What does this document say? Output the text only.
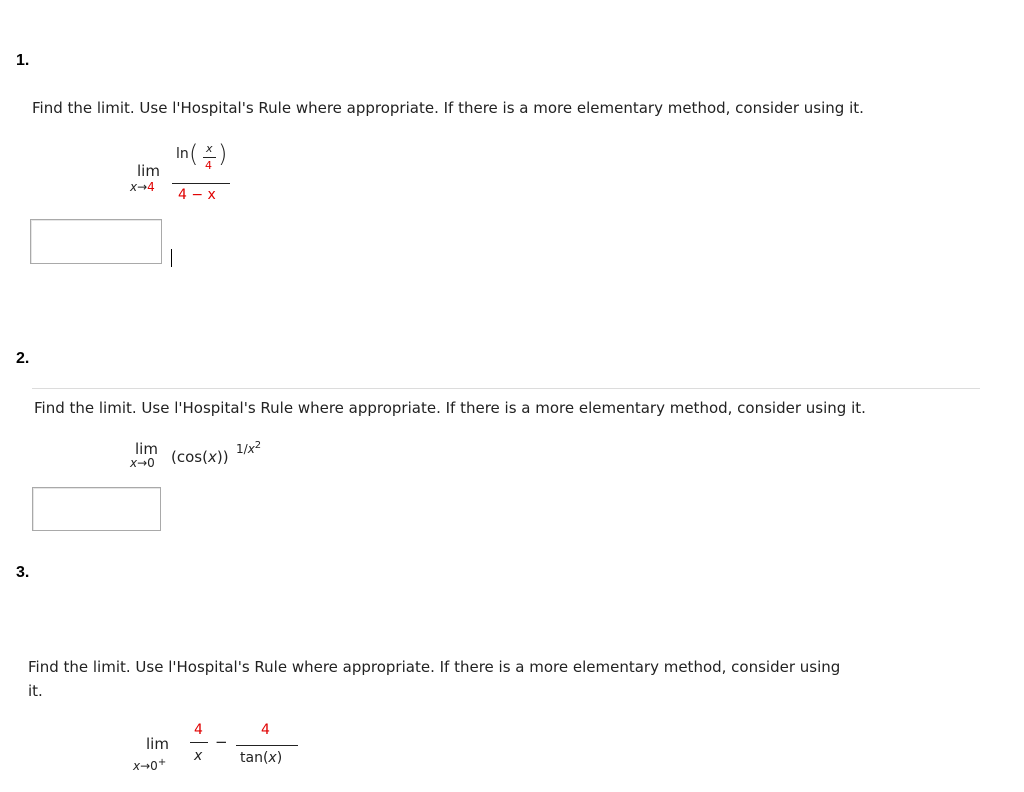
1.
Find the limit. Use l'Hospital's Rule where appropriate. If there is a more elementary method, consider using it.
lim
x→4
ln ( x
4 )
4 − x
2.
Find the limit. Use l'Hospital's Rule where appropriate. If there is a more elementary method, consider using it.
lim
x→0 (cos(x)) $1/x^2$
3.
Find the limit. Use l'Hospital's Rule where appropriate. If there is a more elementary method, consider using
it.
lim
x→0+
4
x
−
4
tan(x)
